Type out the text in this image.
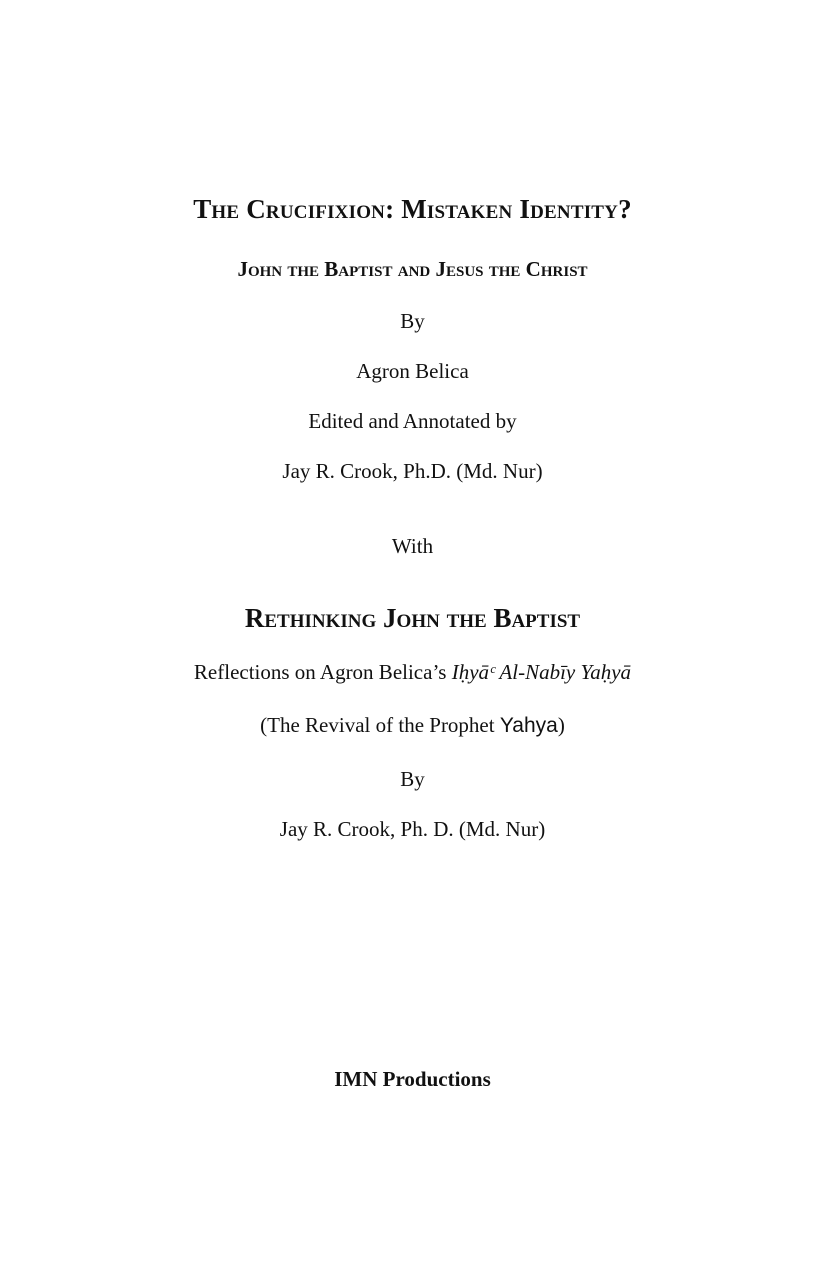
The Crucifixion: Mistaken Identity?
John the Baptist and Jesus the Christ
By
Agron Belica
Edited and Annotated by
Jay R. Crook, Ph.D. (Md. Nur)
With
Rethinking John the Baptist
Reflections on Agron Belica’s Iḥyāᶜ Al-Nabīy Yaḥyā
(The Revival of the Prophet Yahya)
By
Jay R. Crook, Ph. D. (Md. Nur)
IMN Productions
